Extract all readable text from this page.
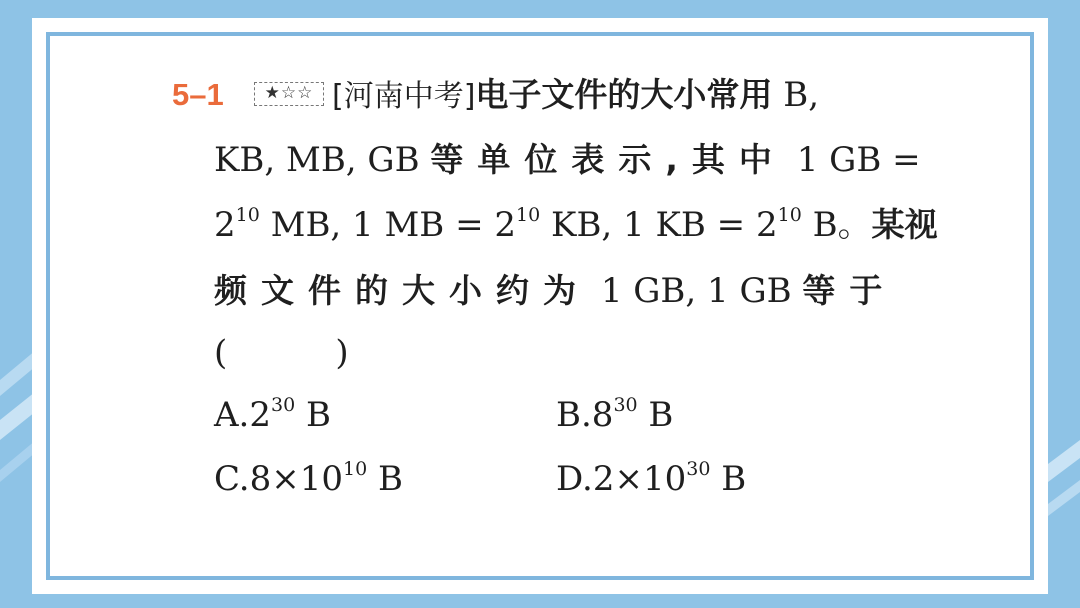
5–1	★☆☆ [河南中考]电子文件的大小常用 B,
KB, MB, GB 等单位表示,其中 1 GB =
$2^{10}$ MB, 1 MB = $2^{10}$ KB, 1 KB = $2^{10}$ B。某视
频文件的大小约为 1 GB, 1 GB 等于
(          )
$A.2^{30}$ B	$B.8^{30}$ B
$C.8\times 10^{10}$ B	$D.2\times 10^{30}$ B
